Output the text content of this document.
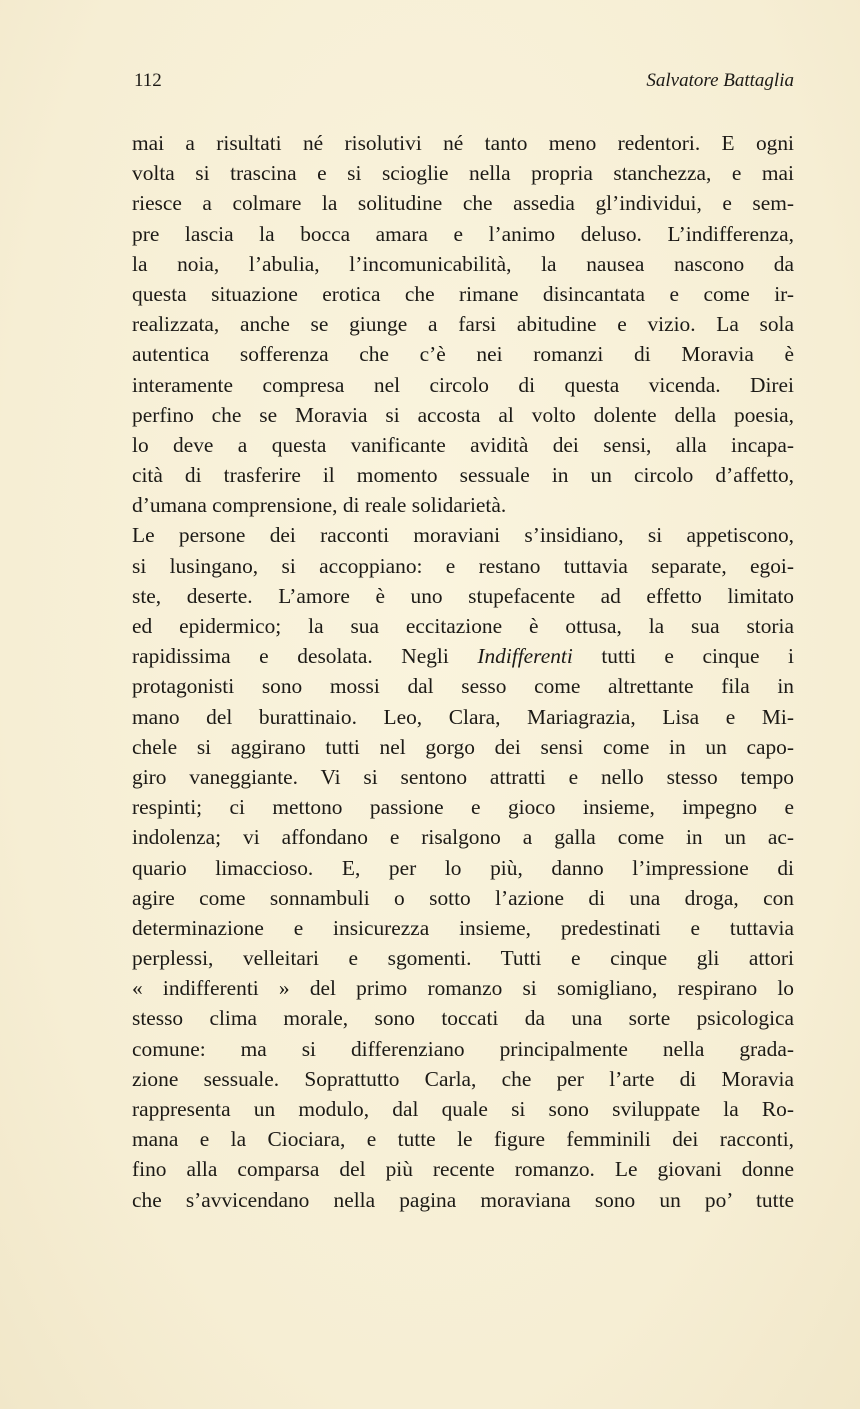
112	Salvatore Battaglia
mai a risultati né risolutivi né tanto meno redentori. E ogni
volta si trascina e si scioglie nella propria stanchezza, e mai
riesce a colmare la solitudine che assedia gl’individui, e sem-
pre lascia la bocca amara e l’animo deluso. L’indifferenza,
la noia, l’abulia, l’incomunicabilità, la nausea nascono da
questa situazione erotica che rimane disincantata e come ir-
realizzata, anche se giunge a farsi abitudine e vizio. La sola
autentica sofferenza che c’è nei romanzi di Moravia è
interamente compresa nel circolo di questa vicenda. Direi
perfino che se Moravia si accosta al volto dolente della poesia,
lo deve a questa vanificante avidità dei sensi, alla incapa-
cità di trasferire il momento sessuale in un circolo d’affetto,
d’umana comprensione, di reale solidarietà.
Le persone dei racconti moraviani s’insidiano, si appetiscono,
si lusingano, si accoppiano: e restano tuttavia separate, egoi-
ste, deserte. L’amore è uno stupefacente ad effetto limitato
ed epidermico; la sua eccitazione è ottusa, la sua storia
rapidissima e desolata. Negli Indifferenti tutti e cinque i
protagonisti sono mossi dal sesso come altrettante fila in
mano del burattinaio. Leo, Clara, Mariagrazia, Lisa e Mi-
chele si aggirano tutti nel gorgo dei sensi come in un capo-
giro vaneggiante. Vi si sentono attratti e nello stesso tempo
respinti; ci mettono passione e gioco insieme, impegno e
indolenza; vi affondano e risalgono a galla come in un ac-
quario limaccioso. E, per lo più, danno l’impressione di
agire come sonnambuli o sotto l’azione di una droga, con
determinazione e insicurezza insieme, predestinati e tuttavia
perplessi, velleitari e sgomenti. Tutti e cinque gli attori
« indifferenti » del primo romanzo si somigliano, respirano lo
stesso clima morale, sono toccati da una sorte psicologica
comune: ma si differenziano principalmente nella grada-
zione sessuale. Soprattutto Carla, che per l’arte di Moravia
rappresenta un modulo, dal quale si sono sviluppate la Ro-
mana e la Ciociara, e tutte le figure femminili dei racconti,
fino alla comparsa del più recente romanzo. Le giovani donne
che s’avvicendano nella pagina moraviana sono un po’ tutte
